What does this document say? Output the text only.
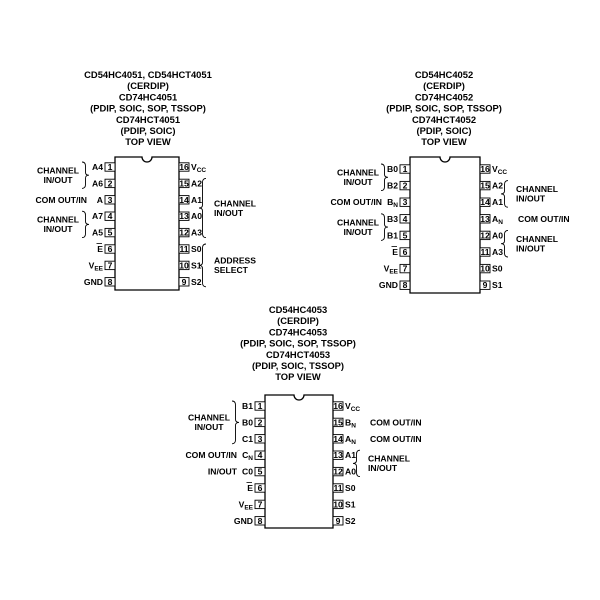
CD54HC4051, CD54HCT4051
(CERDIP)
CD74HC4051
(PDIP, SOIC, SOP, TSSOP)
CD74HCT4051
(PDIP, SOIC)
TOP VIEW
1
A4
2
A6
3
A
4
A7
5
A5
6
E
7
$V_{EE}$
8
GND
16 $V_{CC}$
15 A2
14 A1
13 A0
12 A3
11 S0
10 S1
9 S2
CHANNEL
IN/OUT
COM OUT/IN
CHANNEL
IN/OUT
CHANNEL
IN/OUT
ADDRESS
SELECT
CD54HC4052
(CERDIP)
CD74HC4052
(PDIP, SOIC, SOP, TSSOP)
CD74HCT4052
(PDIP, SOIC)
TOP VIEW
1
B0
2
B2
3
$B_N$
4
B3
5
B1
6
E
7
$V_{EE}$
8
GND
16 $V_{CC}$
15 A2
14 A1
13 $A_N$
12 A0
11 A3
10 S0
9 S1
CHANNEL
IN/OUT
COM OUT/IN
CHANNEL
IN/OUT
CHANNEL
IN/OUT
COM OUT/IN
CHANNEL
IN/OUT
CD54HC4053
(CERDIP)
CD74HC4053
(PDIP, SOIC, SOP, TSSOP)
CD74HCT4053
(PDIP, SOIC, TSSOP)
TOP VIEW
1
B1
2
B0
3
C1
4
$C_N$
5
C0
6
E
7
$V_{EE}$
8
GND
16 $V_{CC}$
15 $B_N$
14 $A_N$
13 A1
12 A0
11 S0
10 S1
9 S2
CHANNEL
IN/OUT
COM OUT/IN
IN/OUT
COM OUT/IN
COM OUT/IN
CHANNEL
IN/OUT
